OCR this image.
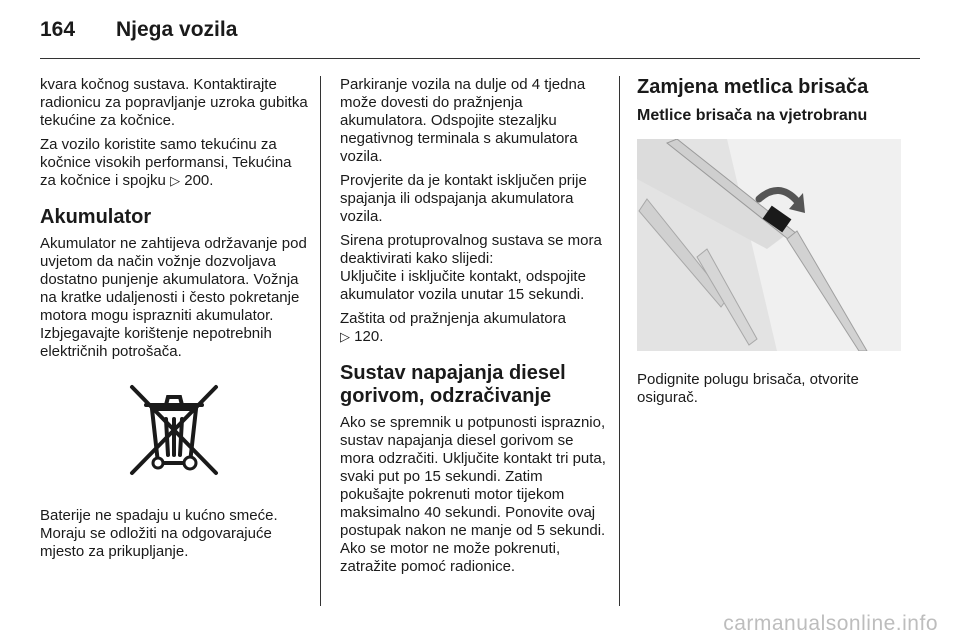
164 Njega vozila

kvara kočnog sustava. Kontaktirajte radionicu za popravljanje uzroka gubitka tekućine za kočnice.

Za vozilo koristite samo tekućinu za kočnice visokih performansi, Tekućina za kočnice i spojku ▷ 200.

Akumulator

Akumulator ne zahtijeva održavanje pod uvjetom da način vožnje dozvoljava dostatno punjenje akumulatora. Vožnja na kratke udaljenosti i često pokretanje motora mogu isprazniti akumulator. Izbjegavajte korištenje nepotrebnih električnih potrošača.

Baterije ne spadaju u kućno smeće. Moraju se odložiti na odgovarajuće mjesto za prikupljanje.

Parkiranje vozila na dulje od 4 tjedna može dovesti do pražnjenja akumulatora. Odspojite stezaljku negativnog terminala s akumulatora vozila.

Provjerite da je kontakt isključen prije spajanja ili odspajanja akumulatora vozila.

Sirena protuprovalnog sustava se mora deaktivirati kako slijedi:

Uključite i isključite kontakt, odspojite akumulator vozila unutar 15 sekundi.

Zaštita od pražnjenja akumulatora
▷ 120.

Sustav napajanja diesel gorivom, odzračivanje

Ako se spremnik u potpunosti ispraznio, sustav napajanja diesel gorivom se mora odzračiti. Uključite kontakt tri puta, svaki put po 15 sekundi. Zatim pokušajte pokrenuti motor tijekom maksimalno 40 sekundi. Ponovite ovaj postupak nakon ne manje od 5 sekundi. Ako se motor ne može pokrenuti, zatražite pomoć radionice.

Zamjena metlica brisača
Metlice brisača na vjetrobranu

Podignite polugu brisača, otvorite osigurač.

carmanualsonline.info
